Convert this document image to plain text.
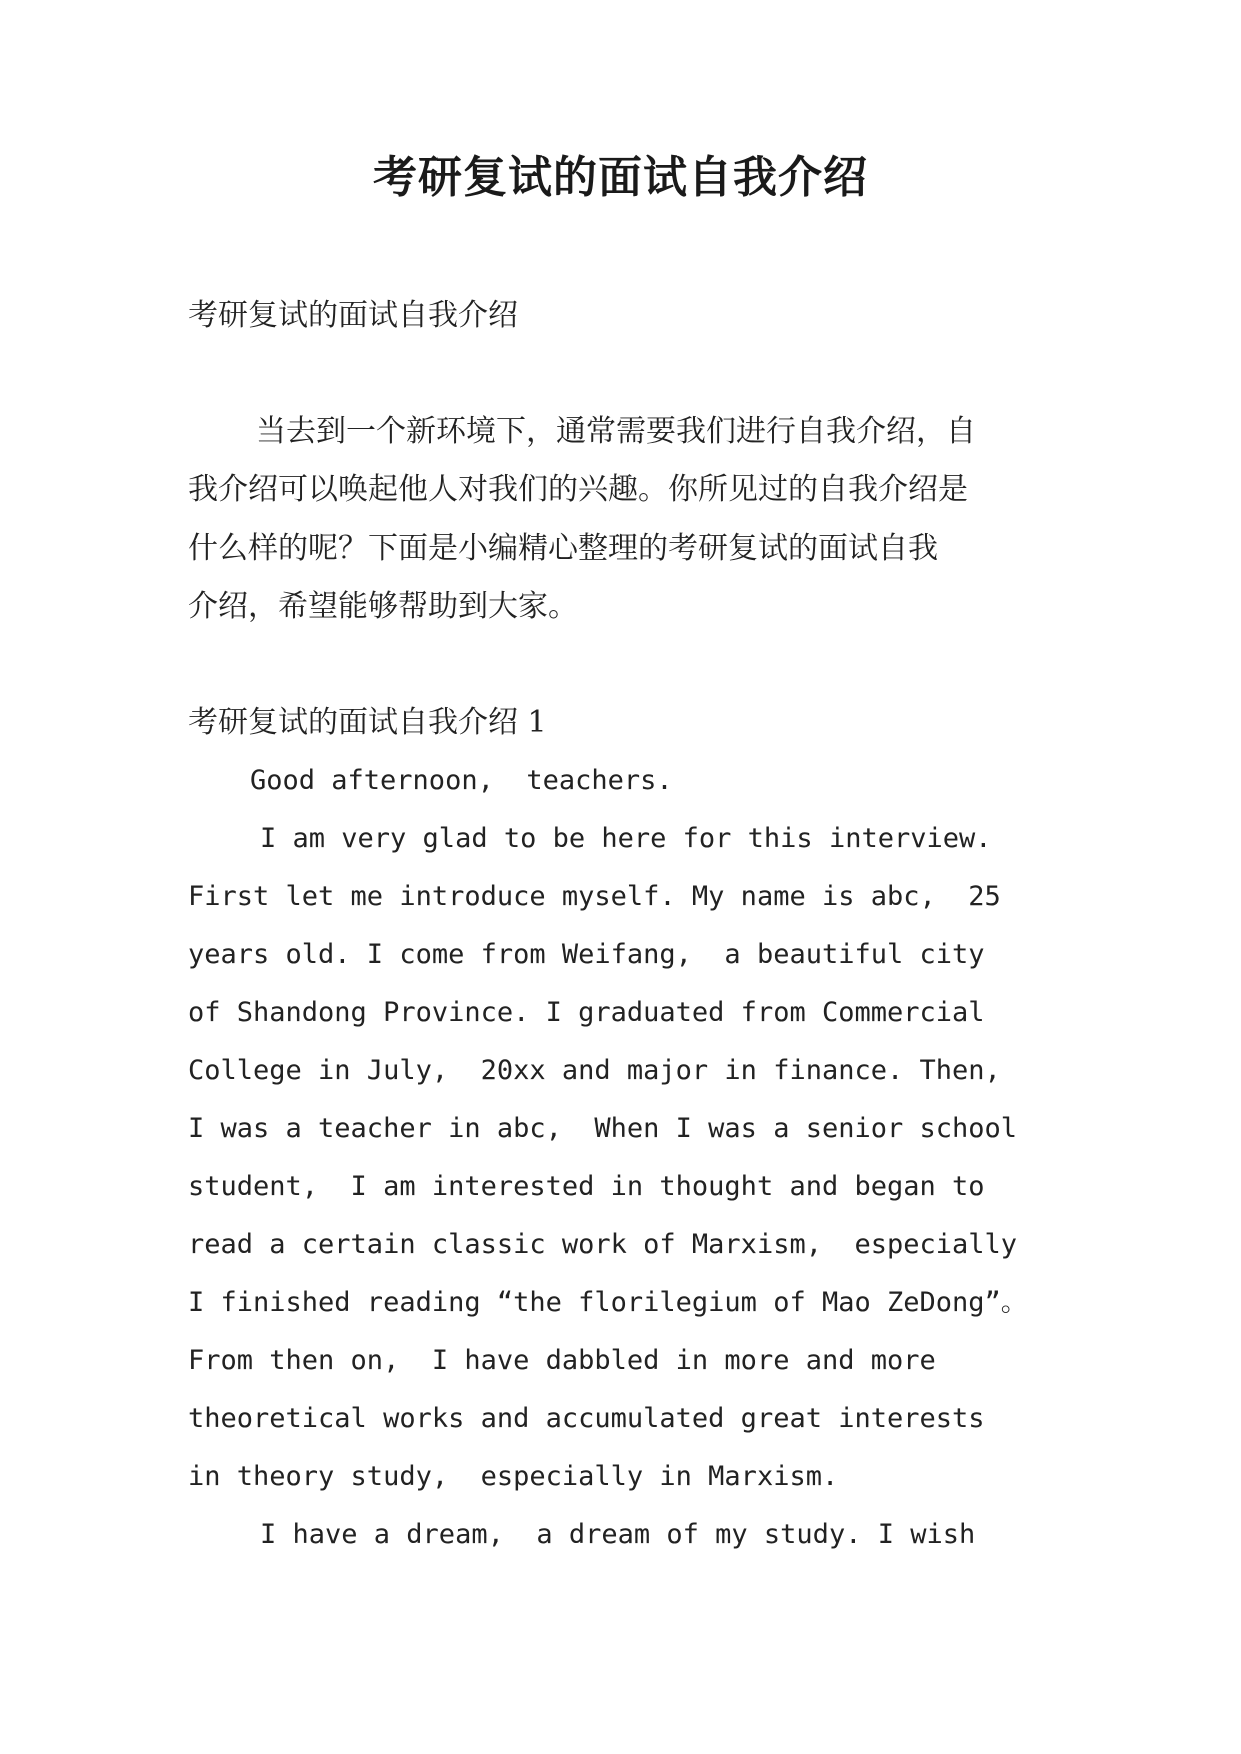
考研复试的面试自我介绍
考研复试的面试自我介绍
当去到一个新环境下，通常需要我们进行自我介绍，自
我介绍可以唤起他人对我们的兴趣。你所见过的自我介绍是
什么样的呢？下面是小编精心整理的考研复试的面试自我
介绍，希望能够帮助到大家。
考研复试的面试自我介绍 1
Good afternoon,  teachers.
I am very glad to be here for this interview.
First let me introduce myself. My name is abc,  25
years old. I come from Weifang,  a beautiful city
of Shandong Province. I graduated from Commercial
College in July,  20xx and major in finance. Then,
I was a teacher in abc,  When I was a senior school
student,  I am interested in thought and began to
read a certain classic work of Marxism,  especially
I finished reading “the florilegium of Mao ZeDong”。
From then on,  I have dabbled in more and more
theoretical works and accumulated great interests
in theory study,  especially in Marxism.
I have a dream,  a dream of my study. I wish
